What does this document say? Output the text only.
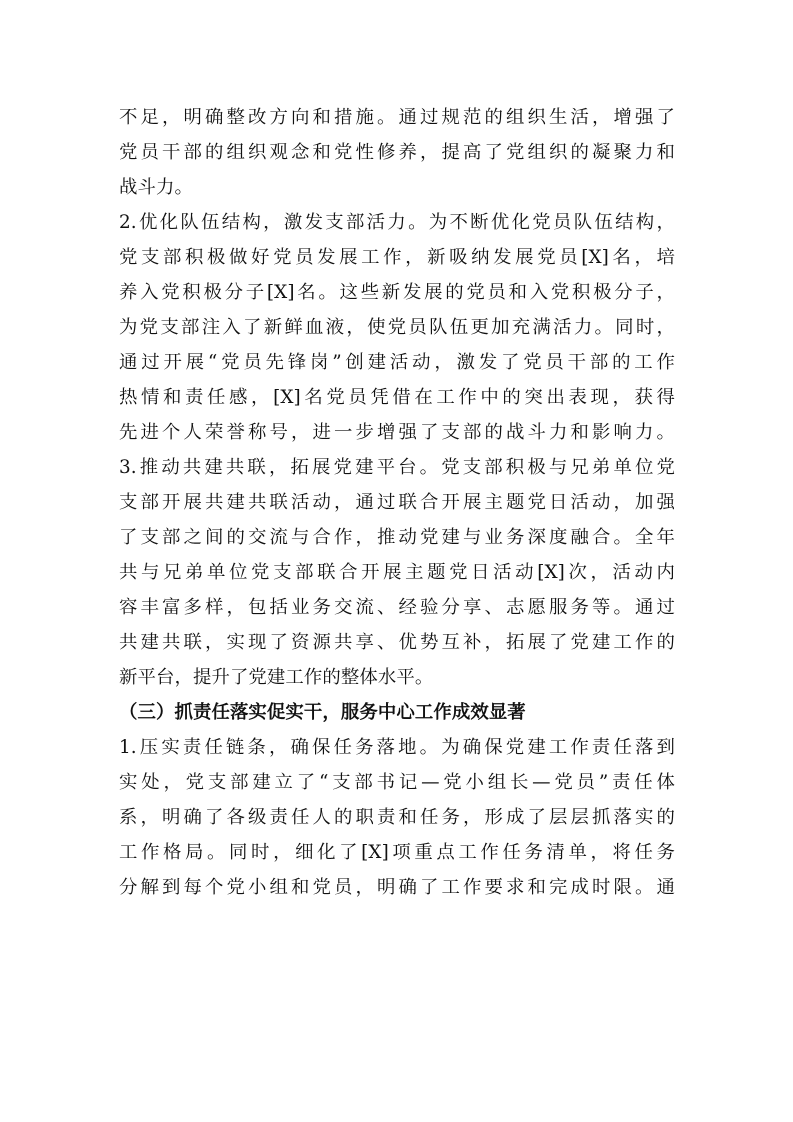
不足，明确整改方向和措施。通过规范的组织生活，增强了
党员干部的组织观念和党性修养，提高了党组织的凝聚力和
战斗力。
2.优化队伍结构，激发支部活力。为不断优化党员队伍结构，
党支部积极做好党员发展工作，新吸纳发展党员[X]名，培
养入党积极分子[X]名。这些新发展的党员和入党积极分子，
为党支部注入了新鲜血液，使党员队伍更加充满活力。同时，
通过开展“党员先锋岗”创建活动，激发了党员干部的工作
热情和责任感，[X]名党员凭借在工作中的突出表现，获得
先进个人荣誉称号，进一步增强了支部的战斗力和影响力。
3.推动共建共联，拓展党建平台。党支部积极与兄弟单位党
支部开展共建共联活动，通过联合开展主题党日活动，加强
了支部之间的交流与合作，推动党建与业务深度融合。全年
共与兄弟单位党支部联合开展主题党日活动[X]次，活动内
容丰富多样，包括业务交流、经验分享、志愿服务等。通过
共建共联，实现了资源共享、优势互补，拓展了党建工作的
新平台，提升了党建工作的整体水平。
（三）抓责任落实促实干，服务中心工作成效显著
1.压实责任链条，确保任务落地。为确保党建工作责任落到
实处，党支部建立了“支部书记—党小组长—党员”责任体
系，明确了各级责任人的职责和任务，形成了层层抓落实的
工作格局。同时，细化了[X]项重点工作任务清单，将任务
分解到每个党小组和党员，明确了工作要求和完成时限。通
